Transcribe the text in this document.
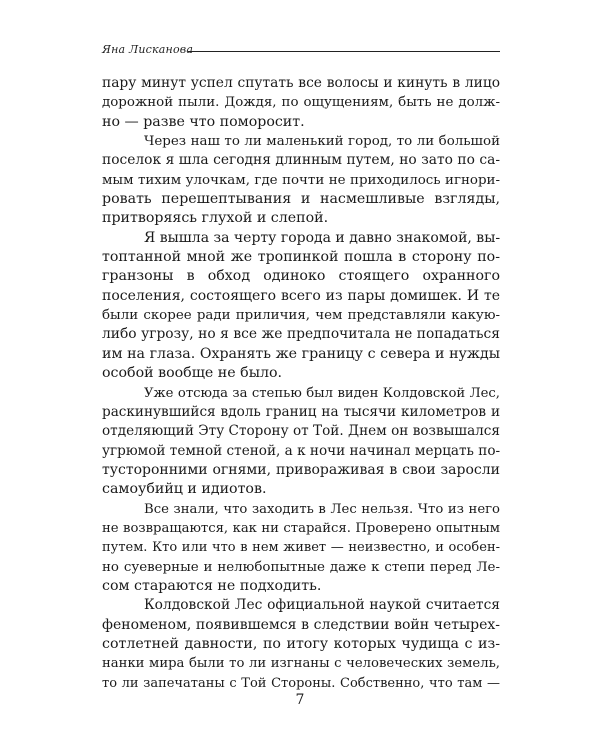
Яна Лисканова
пару минут успел спутать все волосы и кинуть в лицо
дорожной пыли. Дождя, по ощущениям, быть не долж-
но — разве что поморосит.
Через наш то ли маленький город, то ли большой
поселок я шла сегодня длинным путем, но зато по са-
мым тихим улочкам, где почти не приходилось игнори-
ровать перешептывания и насмешливые взгляды,
притворяясь глухой и слепой.
Я вышла за черту города и давно знакомой, вы-
топтанной мной же тропинкой пошла в сторону по-
гранзоны в обход одиноко стоящего охранного
поселения, состоящего всего из пары домишек. И те
были скорее ради приличия, чем представляли какую-
либо угрозу, но я все же предпочитала не попадаться
им на глаза. Охранять же границу с севера и нужды
особой вообще не было.
Уже отсюда за степью был виден Колдовской Лес,
раскинувшийся вдоль границ на тысячи километров и
отделяющий Эту Сторону от Той. Днем он возвышался
угрюмой темной стеной, а к ночи начинал мерцать по-
тусторонними огнями, привораживая в свои заросли
самоубийц и идиотов.
Все знали, что заходить в Лес нельзя. Что из него
не возвращаются, как ни старайся. Проверено опытным
путем. Кто или что в нем живет — неизвестно, и особен-
но суеверные и нелюбопытные даже к степи перед Ле-
сом стараются не подходить.
Колдовской Лес официальной наукой считается
феноменом, появившемся в следствии войн четырех-
сотлетней давности, по итогу которых чудища с из-
нанки мира были то ли изгнаны с человеческих земель,
то ли запечатаны с Той Стороны. Собственно, что там —
7
